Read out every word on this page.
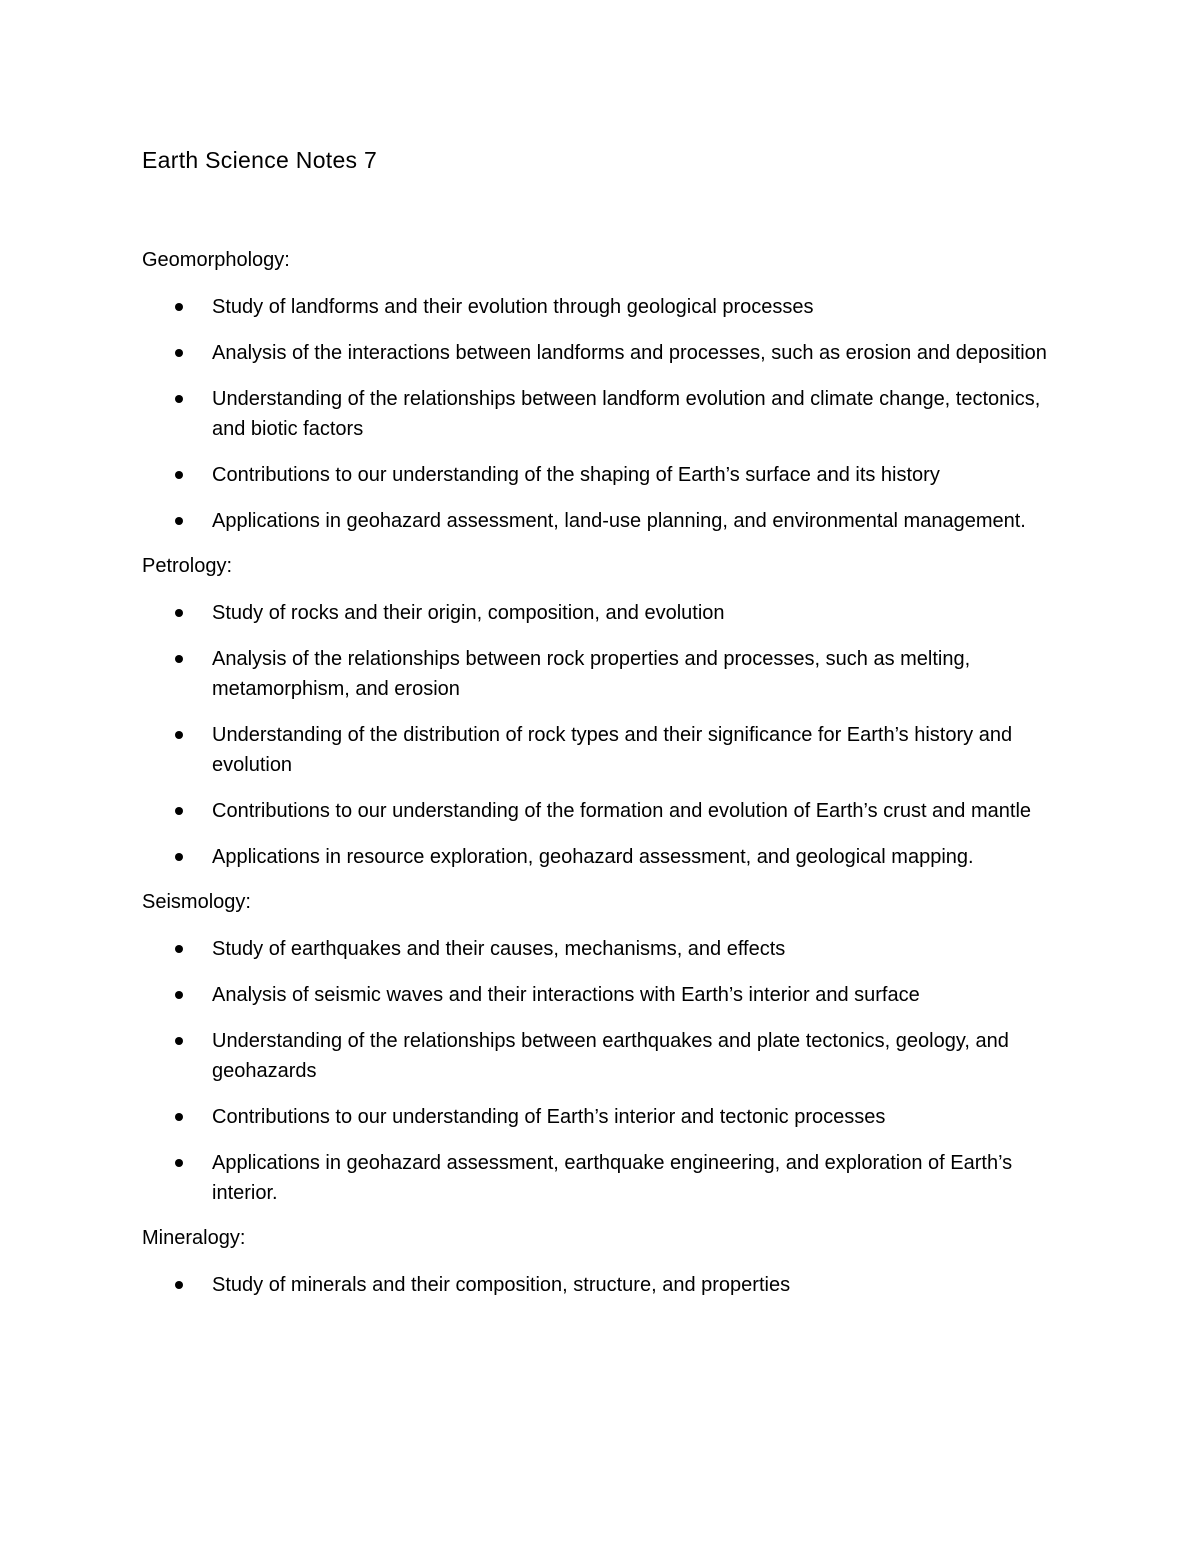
Earth Science Notes 7

Geomorphology:

Study of landforms and their evolution through geological processes
Analysis of the interactions between landforms and processes, such as erosion and deposition
Understanding of the relationships between landform evolution and climate change, tectonics, and biotic factors
Contributions to our understanding of the shaping of Earth’s surface and its history
Applications in geohazard assessment, land-use planning, and environmental management.

Petrology:

Study of rocks and their origin, composition, and evolution
Analysis of the relationships between rock properties and processes, such as melting, metamorphism, and erosion
Understanding of the distribution of rock types and their significance for Earth’s history and evolution
Contributions to our understanding of the formation and evolution of Earth’s crust and mantle
Applications in resource exploration, geohazard assessment, and geological mapping.

Seismology:

Study of earthquakes and their causes, mechanisms, and effects
Analysis of seismic waves and their interactions with Earth’s interior and surface
Understanding of the relationships between earthquakes and plate tectonics, geology, and geohazards
Contributions to our understanding of Earth’s interior and tectonic processes
Applications in geohazard assessment, earthquake engineering, and exploration of Earth’s interior.

Mineralogy:

Study of minerals and their composition, structure, and properties
